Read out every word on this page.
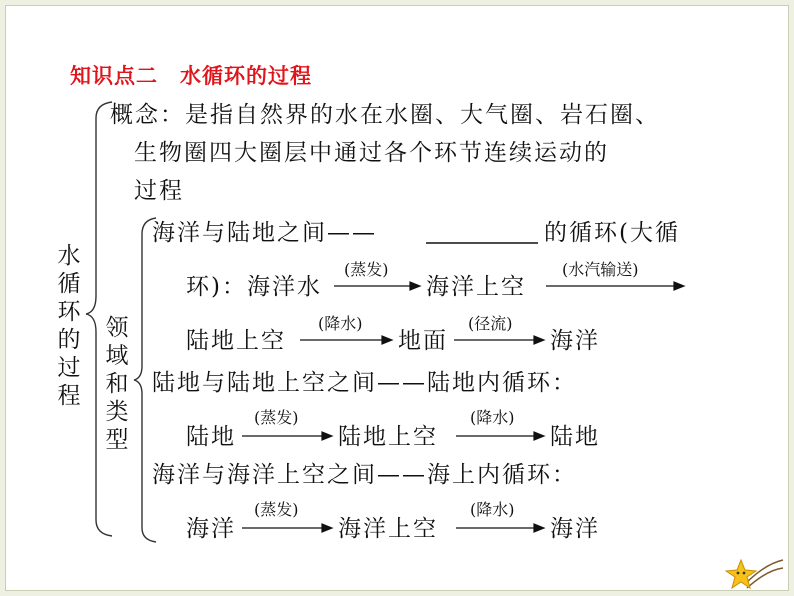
知识点二　水循环的过程
水循环的过程
概念：是指自然界的水在水圈、大气圈、岩石圈、
生物圈四大圈层中通过各个环节连续运动的
过程
领域和类型
海洋与陆地之间——	的循环(大循
环)：海洋水
(蒸发)
海洋上空
(水汽输送)
陆地上空
(降水)
地面
(径流)
海洋
陆地与陆地上空之间——陆地内循环：
陆地
(蒸发)
陆地上空
(降水)
陆地
海洋与海洋上空之间——海上内循环：
海洋
(蒸发)
海洋上空
(降水)
海洋
